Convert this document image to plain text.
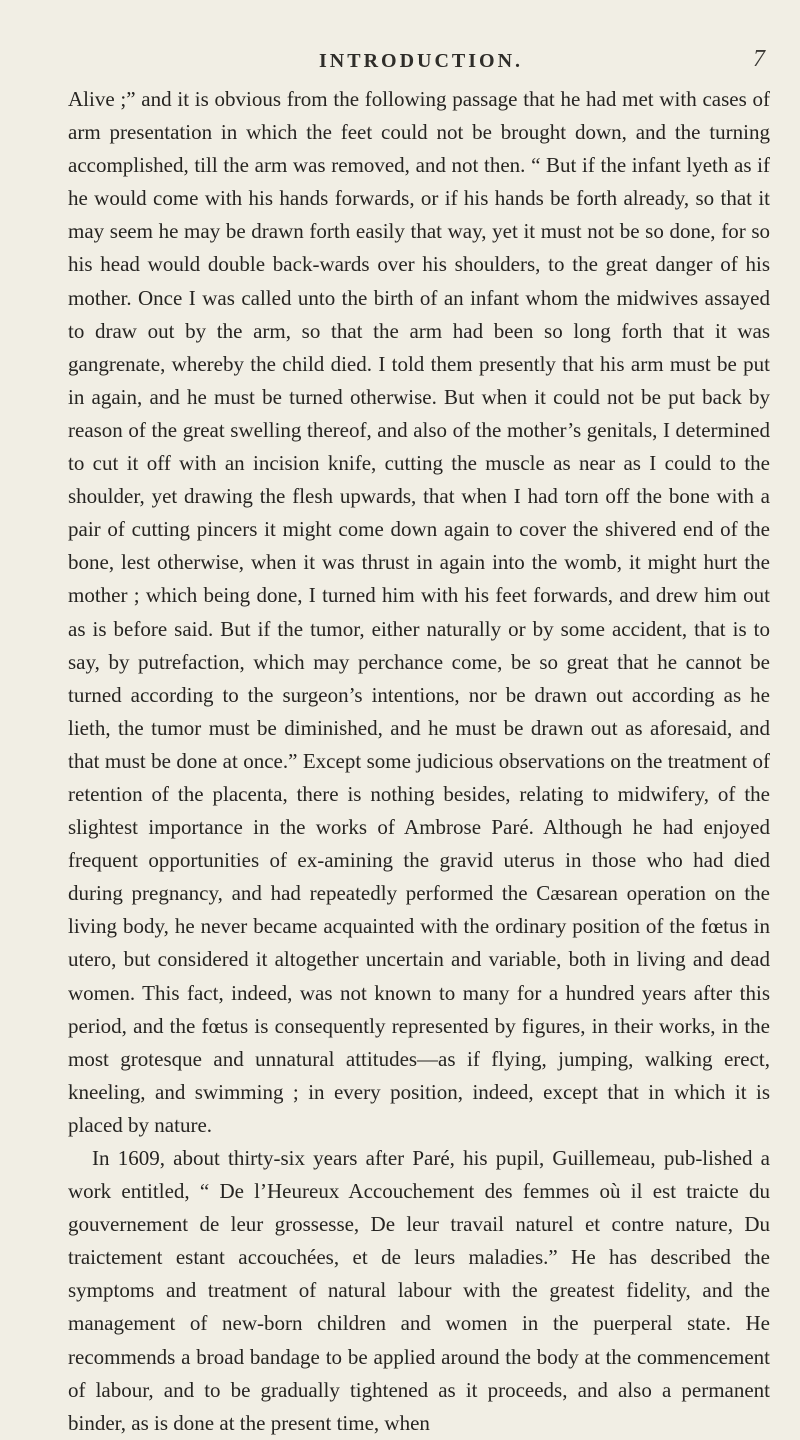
INTRODUCTION.	7

Alive ;” and it is obvious from the following passage that he had met with cases of arm presentation in which the feet could not be brought down, and the turning accomplished, till the arm was removed, and not then. “ But if the infant lyeth as if he would come with his hands forwards, or if his hands be forth already, so that it may seem he may be drawn forth easily that way, yet it must not be so done, for so his head would double back-wards over his shoulders, to the great danger of his mother. Once I was called unto the birth of an infant whom the midwives assayed to draw out by the arm, so that the arm had been so long forth that it was gangrenate, whereby the child died. I told them presently that his arm must be put in again, and he must be turned otherwise. But when it could not be put back by reason of the great swelling thereof, and also of the mother’s genitals, I determined to cut it off with an incision knife, cutting the muscle as near as I could to the shoulder, yet drawing the flesh upwards, that when I had torn off the bone with a pair of cutting pincers it might come down again to cover the shivered end of the bone, lest otherwise, when it was thrust in again into the womb, it might hurt the mother ; which being done, I turned him with his feet forwards, and drew him out as is before said. But if the tumor, either naturally or by some accident, that is to say, by putrefaction, which may perchance come, be so great that he cannot be turned according to the surgeon’s intentions, nor be drawn out according as he lieth, the tumor must be diminished, and he must be drawn out as aforesaid, and that must be done at once.” Except some judicious observations on the treatment of retention of the placenta, there is nothing besides, relating to midwifery, of the slightest importance in the works of Ambrose Paré. Although he had enjoyed frequent opportunities of ex-amining the gravid uterus in those who had died during pregnancy, and had repeatedly performed the Cæsarean operation on the living body, he never became acquainted with the ordinary position of the fœtus in utero, but considered it altogether uncertain and variable, both in living and dead women. This fact, indeed, was not known to many for a hundred years after this period, and the fœtus is consequently represented by figures, in their works, in the most grotesque and unnatural attitudes—as if flying, jumping, walking erect, kneeling, and swimming ; in every position, indeed, except that in which it is placed by nature.

In 1609, about thirty-six years after Paré, his pupil, Guillemeau, pub-lished a work entitled, “ De l’Heureux Accouchement des femmes où il est traicte du gouvernement de leur grossesse, De leur travail naturel et contre nature, Du traictement estant accouchées, et de leurs maladies.” He has described the symptoms and treatment of natural labour with the greatest fidelity, and the management of new-born children and women in the puerperal state. He recommends a broad bandage to be applied around the body at the commencement of labour, and to be gradually tightened as it proceeds, and also a permanent binder, as is done at the present time, when
